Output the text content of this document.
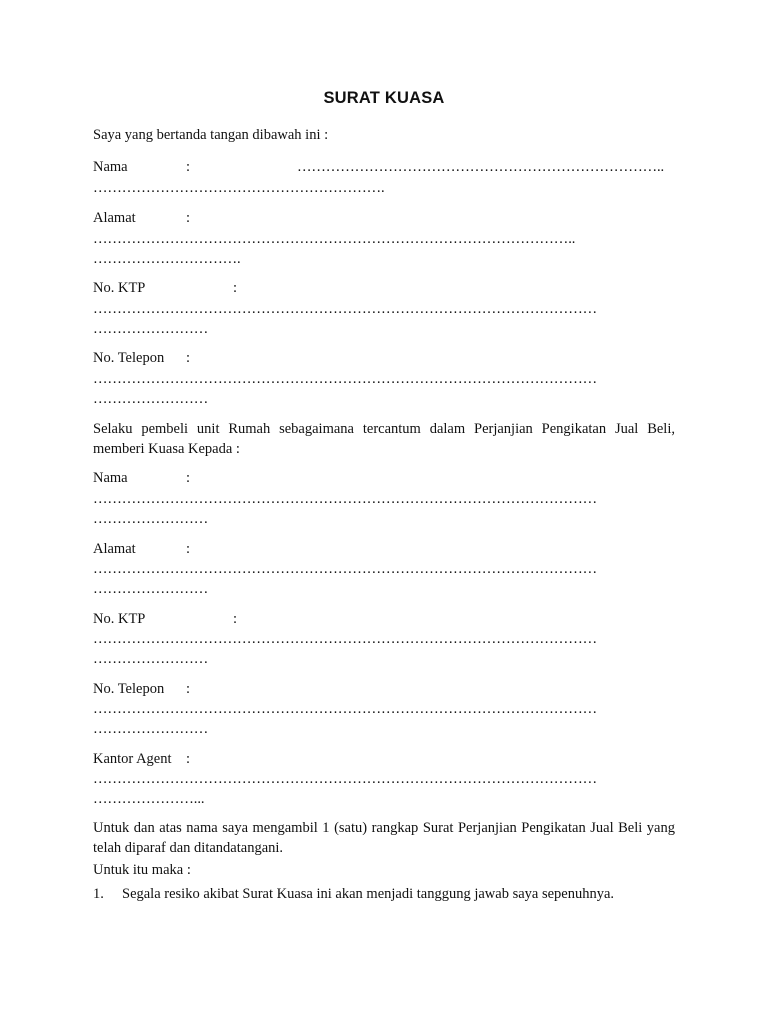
SURAT KUASA
Saya yang bertanda tangan dibawah ini :
Nama	:	…………………………………………………………………..
…………………………………………………….
Alamat	:
………………………………………………………………………………………..
………………………….
No. KTP	:
……………………………………………………………………………………………
……………………
No. Telepon :
……………………………………………………………………………………………
……………………
Selaku pembeli unit Rumah sebagaimana tercantum dalam Perjanjian Pengikatan Jual Beli, memberi Kuasa Kepada :
Nama	:
……………………………………………………………………………………………
……………………
Alamat	:
……………………………………………………………………………………………
……………………
No. KTP	:
……………………………………………………………………………………………
……………………
No. Telepon :
……………………………………………………………………………………………
……………………
Kantor Agent :
……………………………………………………………………………………………
…………………...
Untuk dan atas nama saya mengambil 1 (satu) rangkap Surat Perjanjian Pengikatan Jual Beli yang telah diparaf dan ditandatangani.
Untuk itu maka :
1. Segala resiko akibat Surat Kuasa ini akan menjadi tanggung jawab saya sepenuhnya.
